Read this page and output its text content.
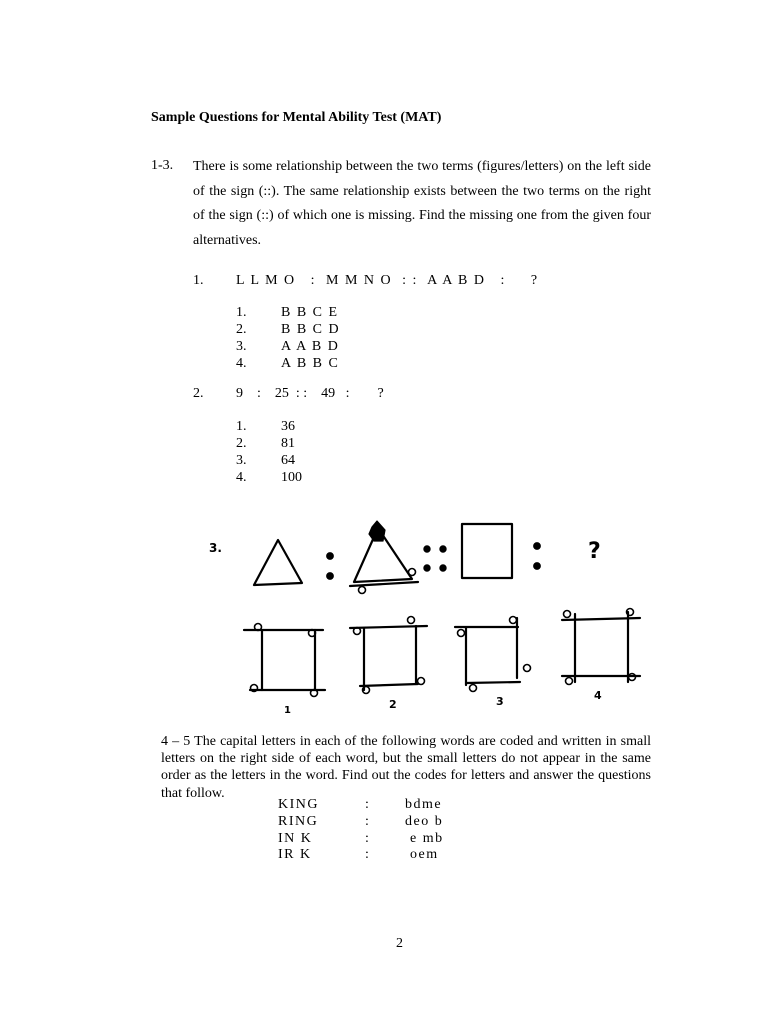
Sample Questions for Mental Ability Test (MAT)
1-3. There is some relationship between the two terms (figures/letters) on the left side of the sign (::). The same relationship exists between the two terms on the right of the sign (::) of which one is missing. Find the missing one from the given four alternatives.
1. L L M O   :  M M N O  : :  A A B D   :     ?
1. B B C E
2. B B C D
3. A A B D
4. A B B C
2. 9    :    25  : :    49   :        ?
1. 36
2. 81
3. 64
4. 100
3.	?
1	2	3	4
4 – 5 The capital letters in each of the following words are coded and written in small letters on the right side of each word, but the small letters do not appear in the same order as the letters in the word. Find out the codes for letters and answer the questions that follow.
KING	:	bdme
RING	:	deo b
IN K	:	e mb
IR K	:	oem
2
